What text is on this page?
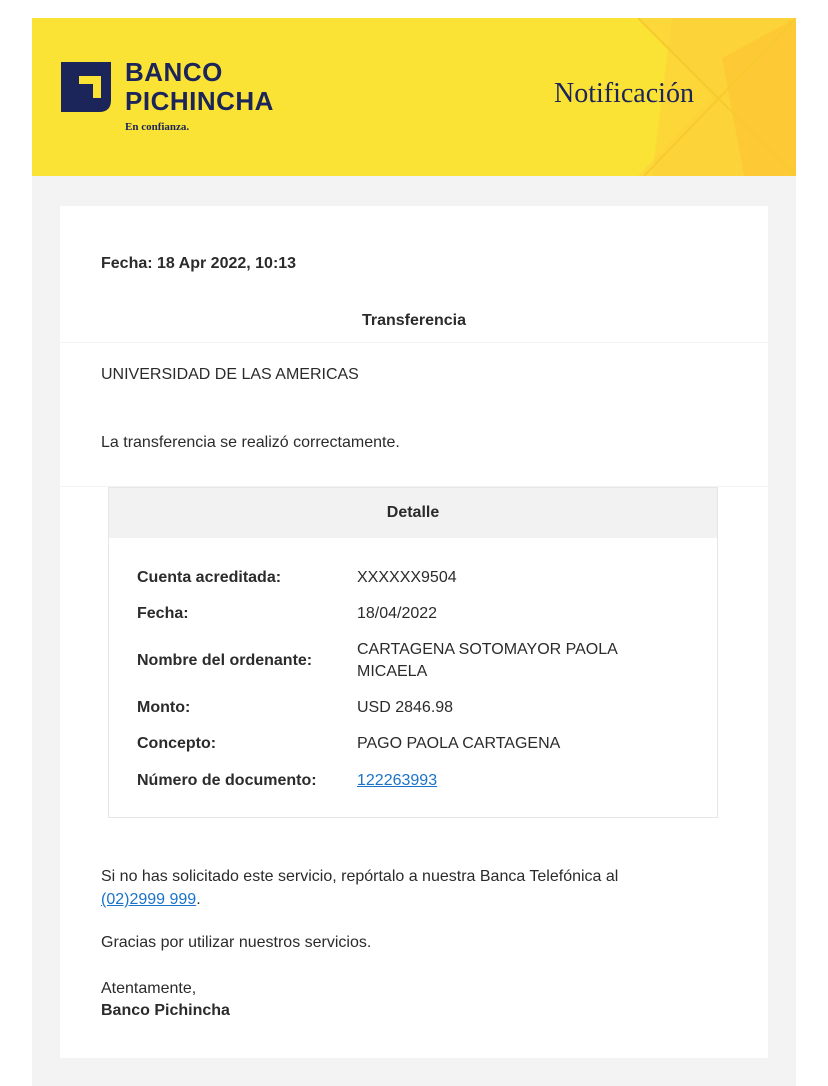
BANCO
PICHINCHA
En confianza.
Notificación
Fecha: 18 Apr 2022, 10:13
Transferencia
UNIVERSIDAD DE LAS AMERICAS
La transferencia se realizó correctamente.
Detalle
Cuenta acreditada:	XXXXXX9504
Fecha:	18/04/2022
Nombre del ordenante:
CARTAGENA SOTOMAYOR PAOLA
MICAELA
Monto:	USD 2846.98
Concepto:	PAGO PAOLA CARTAGENA
Número de documento:	122263993
Si no has solicitado este servicio, repórtalo a nuestra Banca Telefónica al
(02)2999 999.
Gracias por utilizar nuestros servicios.
Atentamente,
Banco Pichincha
